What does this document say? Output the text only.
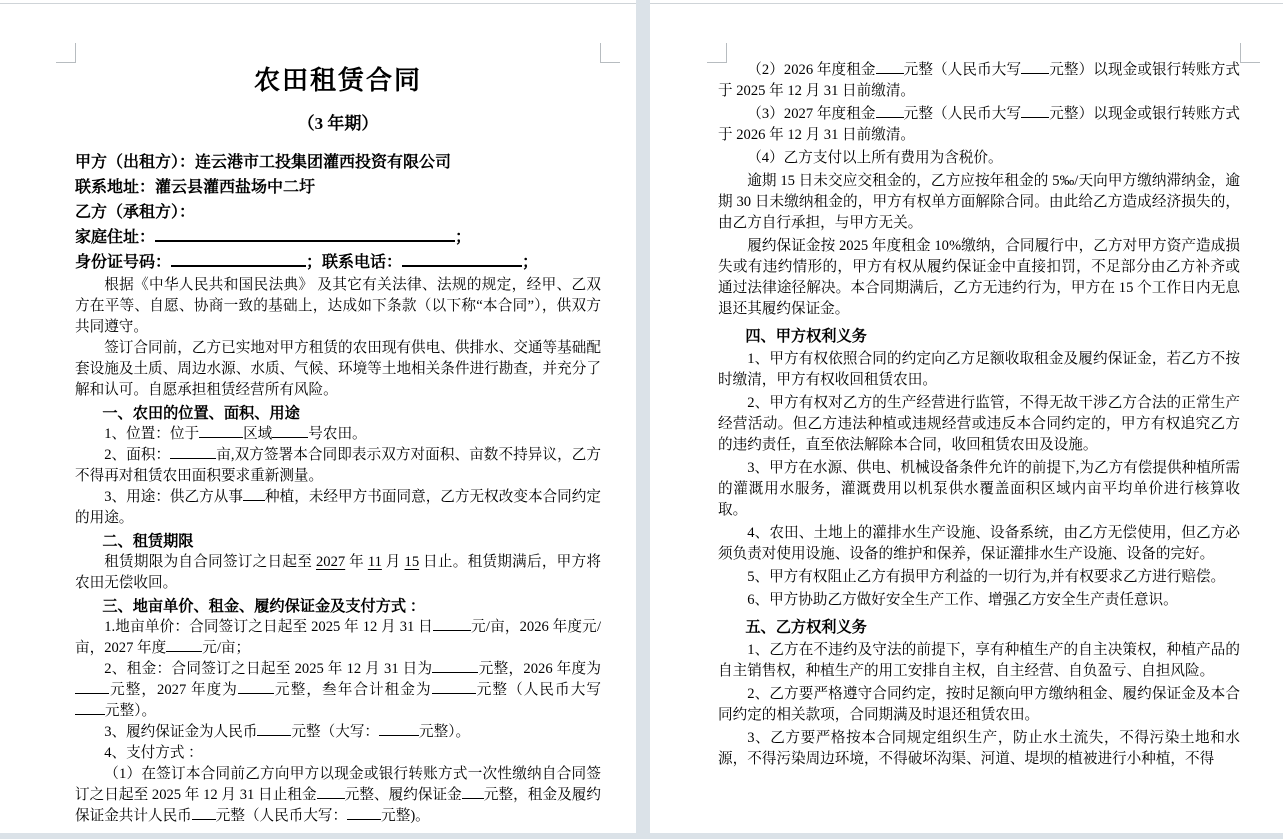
农田租赁合同
（3 年期）
甲方（出租方）：连云港市工投集团灌西投资有限公司
联系地址：灌云县灌西盐场中二圩
乙方（承租方）：
家庭住址：	；
身份证号码：	；联系电话：	；
根据《中华人民共和国民法典》 及其它有关法律、法规的规定，经甲、乙双方在平等、自愿、协商一致的基础上，达成如下条款（以下称“本合同”），供双方共同遵守。
签订合同前，乙方已实地对甲方租赁的农田现有供电、供排水、交通等基础配套设施及土质、周边水源、水质、气候、环境等土地相关条件进行勘查，并充分了解和认可。自愿承担租赁经营所有风险。
一、农田的位置、面积、用途
1、位置：位于	区域 号农田。
2、面积：	亩,双方签署本合同即表示双方对面积、亩数不持异议，乙方不得再对租赁农田面积要求重新测量。
3、用途：供乙方从事 种植，未经甲方书面同意，乙方无权改变本合同约定的用途。
二、租赁期限
租赁期限为自合同签订之日起至 2027 年 11 月 15 日止。租赁期满后，甲方将农田无偿收回。
三、地亩单价、租金、履约保证金及支付方式 ：
1.地亩单价：合同签订之日起至 2025 年 12 月 31 日	元/亩，2026 年度元/亩，2027 年度 元/亩；
2、租金：合同签订之日起至 2025 年 12 月 31 日为	元整，2026 年度为元整，2027 年度为 元整，叁年合计租金为	元整（人民币大写 元整）。
3、履约保证金为人民币 元整（大写：	元整）。
4、支付方式 ：
（1）在签订本合同前乙方向甲方以现金或银行转账方式一次性缴纳自合同签订之日起至 2025 年 12 月 31 日止租金 元整、履约保证金 元整，租金及履约保证金共计人民币 元整（人民币大写： 元整)。
（2）2026 年度租金 元整（人民币大写 元整）以现金或银行转账方式于 2025 年 12 月 31 日前缴清。
（3）2027 年度租金 元整（人民币大写 元整）以现金或银行转账方式于 2026 年 12 月 31 日前缴清。
（4）乙方支付以上所有费用为含税价。
逾期 15 日未交应交租金的，乙方应按年租金的 5‰/天向甲方缴纳滞纳金，逾期 30 日未缴纳租金的，甲方有权单方面解除合同。由此给乙方造成经济损失的，由乙方自行承担，与甲方无关。
履约保证金按 2025 年度租金 10%缴纳，合同履行中，乙方对甲方资产造成损失或有违约情形的，甲方有权从履约保证金中直接扣罚，不足部分由乙方补齐或通过法律途径解决。本合同期满后，乙方无违约行为，甲方在 15 个工作日内无息退还其履约保证金。
四、甲方权利义务
1、甲方有权依照合同的约定向乙方足额收取租金及履约保证金，若乙方不按时缴清，甲方有权收回租赁农田。
2、甲方有权对乙方的生产经营进行监管，不得无故干涉乙方合法的正常生产经营活动。但乙方违法种植或违规经营或违反本合同约定的，甲方有权追究乙方的违约责任，直至依法解除本合同，收回租赁农田及设施。
3、甲方在水源、供电、机械设备条件允许的前提下,为乙方有偿提供种植所需的灌溉用水服务，灌溉费用以机泵供水覆盖面积区域内亩平均单价进行核算收取。
4、农田、土地上的灌排水生产设施、设备系统，由乙方无偿使用，但乙方必须负责对使用设施、设备的维护和保养，保证灌排水生产设施、设备的完好。
5、甲方有权阻止乙方有损甲方利益的一切行为,并有权要求乙方进行赔偿。
6、甲方协助乙方做好安全生产工作、增强乙方安全生产责任意识。
五、乙方权利义务
1、乙方在不违约及守法的前提下，享有种植生产的自主决策权，种植产品的自主销售权，种植生产的用工安排自主权，自主经营、自负盈亏、自担风险。
2、乙方要严格遵守合同约定，按时足额向甲方缴纳租金、履约保证金及本合同约定的相关款项，合同期满及时退还租赁农田。
3、乙方要严格按本合同规定组织生产，防止水土流失，不得污染土地和水源，不得污染周边环境，不得破坏沟渠、河道、堤坝的植被进行小种植，不得
